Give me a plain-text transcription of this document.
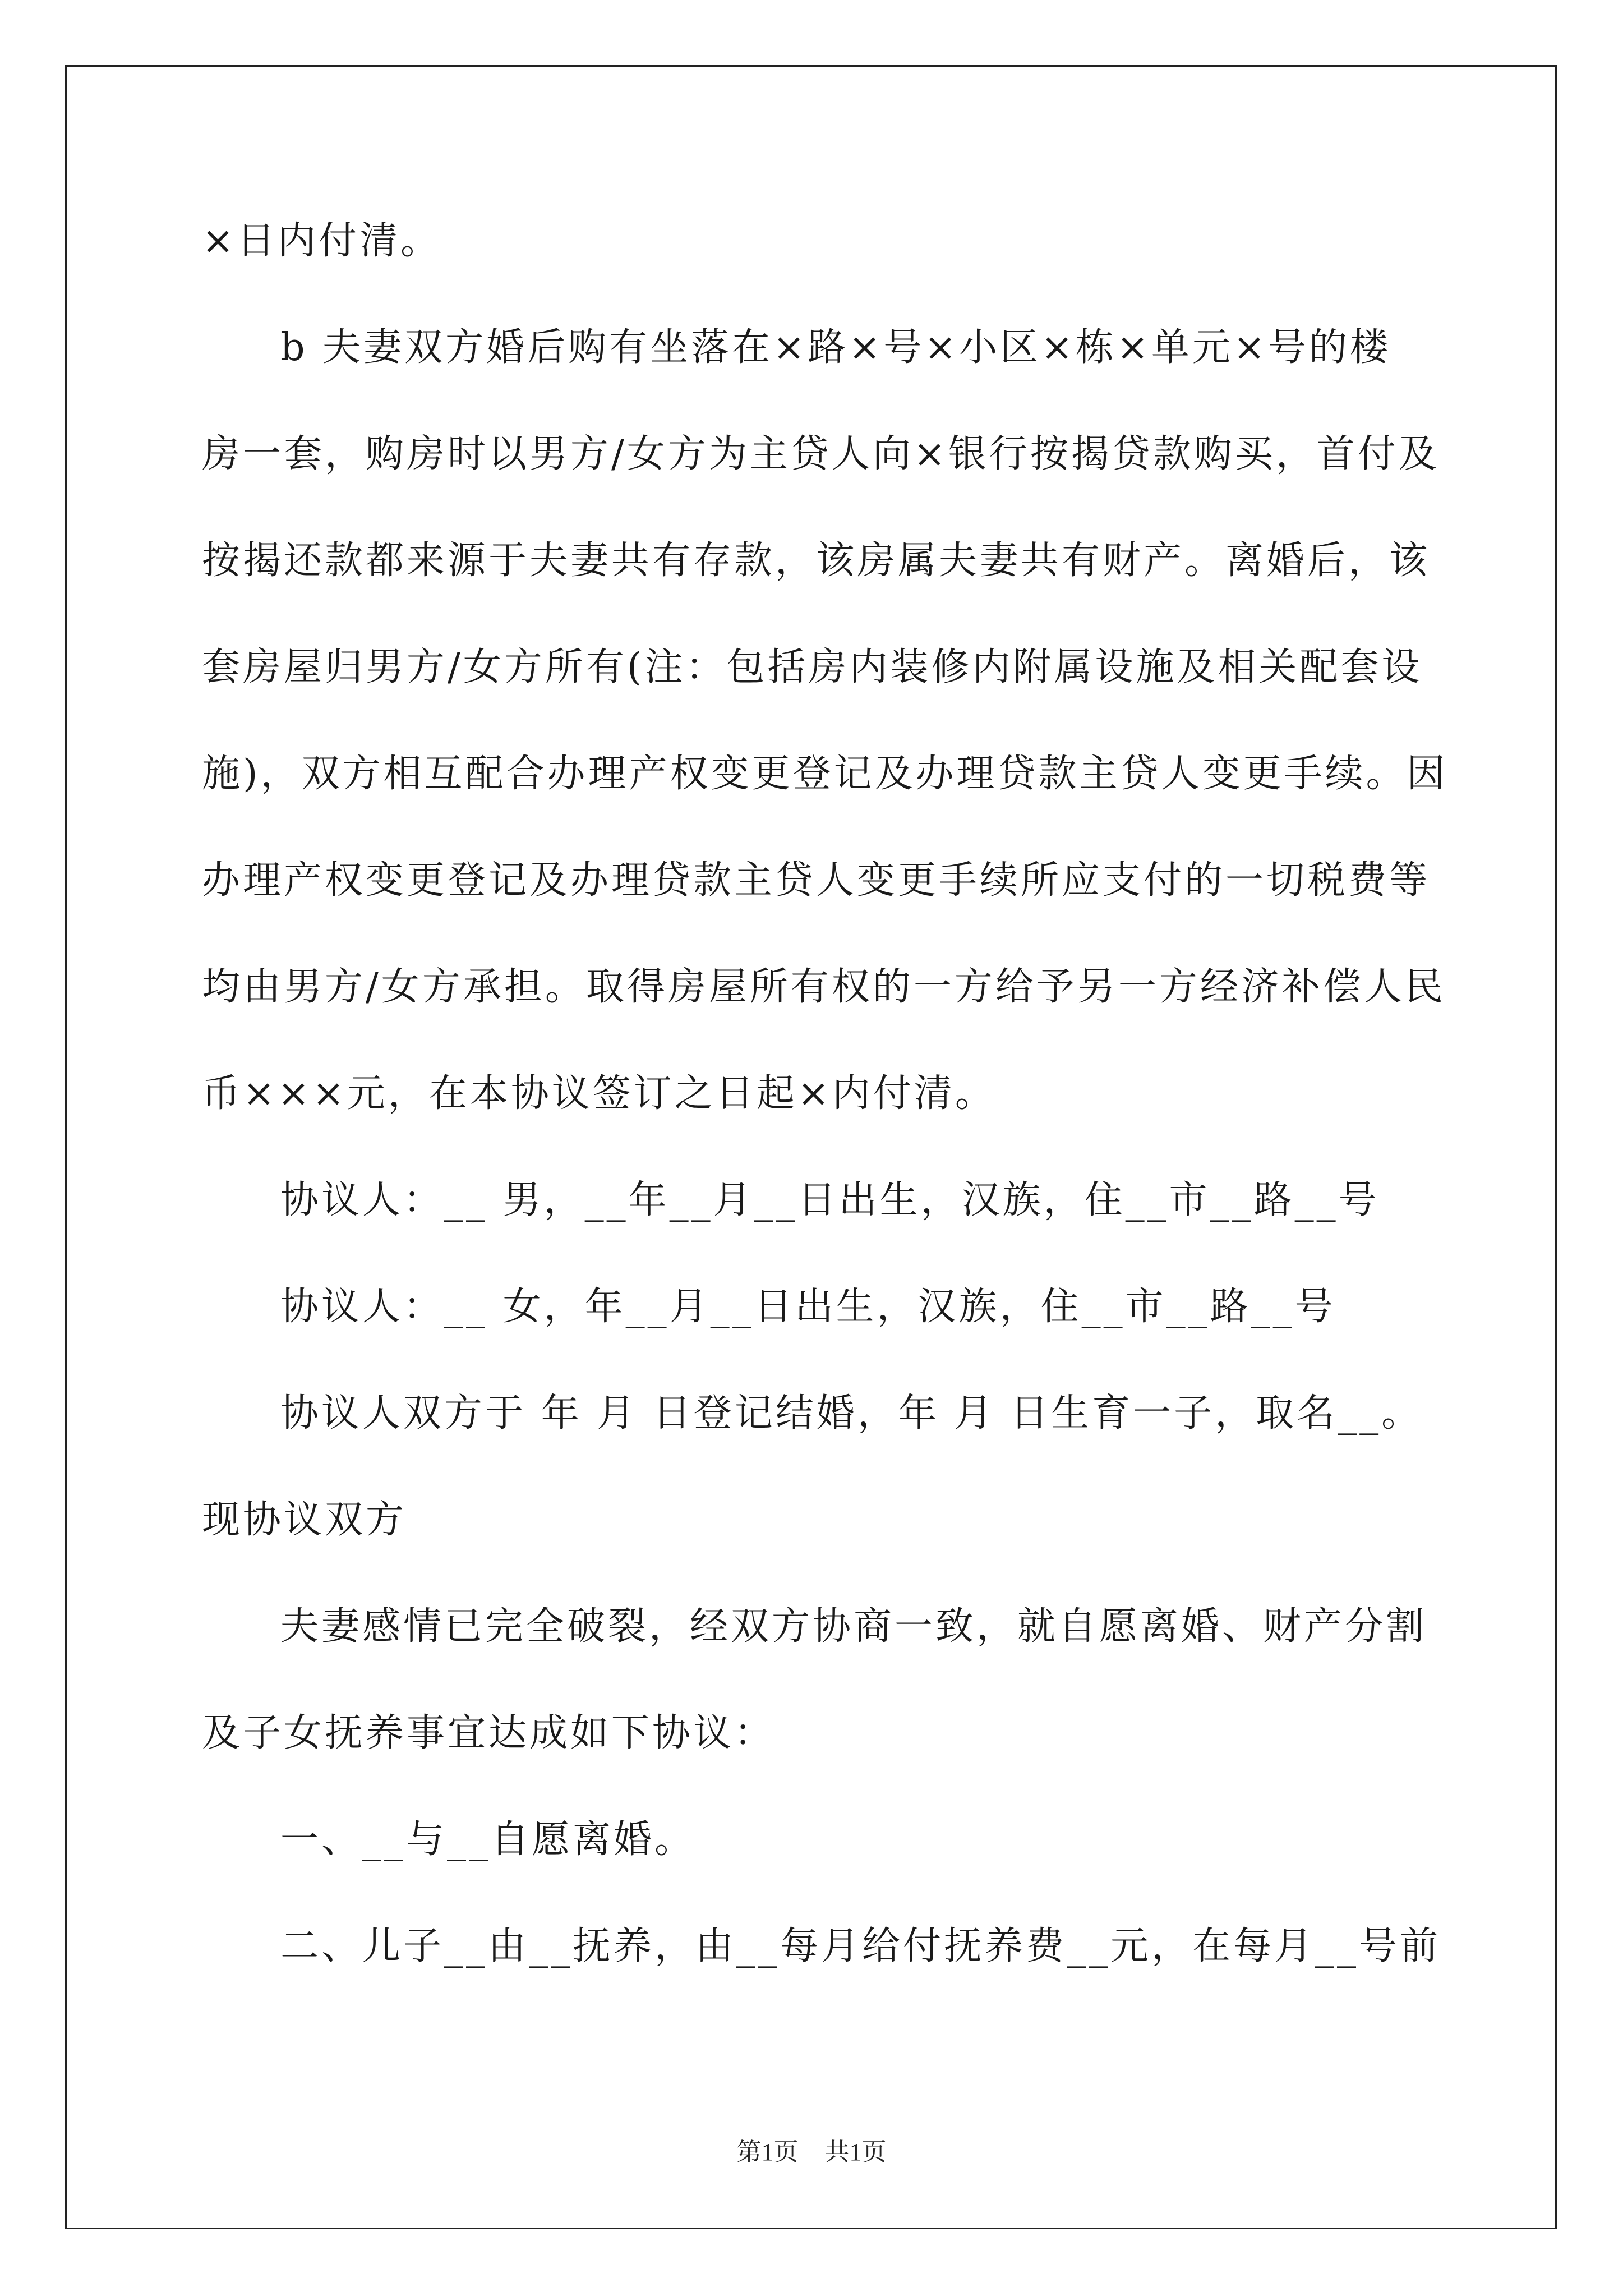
×日内付清。
b 夫妻双方婚后购有坐落在×路×号×小区×栋×单元×号的楼
房一套，购房时以男方/女方为主贷人向×银行按揭贷款购买，首付及
按揭还款都来源于夫妻共有存款，该房属夫妻共有财产。离婚后，该
套房屋归男方/女方所有(注：包括房内装修内附属设施及相关配套设
施)，双方相互配合办理产权变更登记及办理贷款主贷人变更手续。因
办理产权变更登记及办理贷款主贷人变更手续所应支付的一切税费等
均由男方/女方承担。取得房屋所有权的一方给予另一方经济补偿人民
币×××元，在本协议签订之日起×内付清。
协议人：__ 男，__年__月__日出生，汉族，住__市__路__号
协议人：__ 女，年__月__日出生，汉族，住__市__路__号
协议人双方于 年 月 日登记结婚，年 月 日生育一子，取名__。
现协议双方
夫妻感情已完全破裂，经双方协商一致，就自愿离婚、财产分割
及子女抚养事宜达成如下协议：
一、__与__自愿离婚。
二、儿子__由__抚养，由__每月给付抚养费__元，在每月__号前
第1页 共1页
